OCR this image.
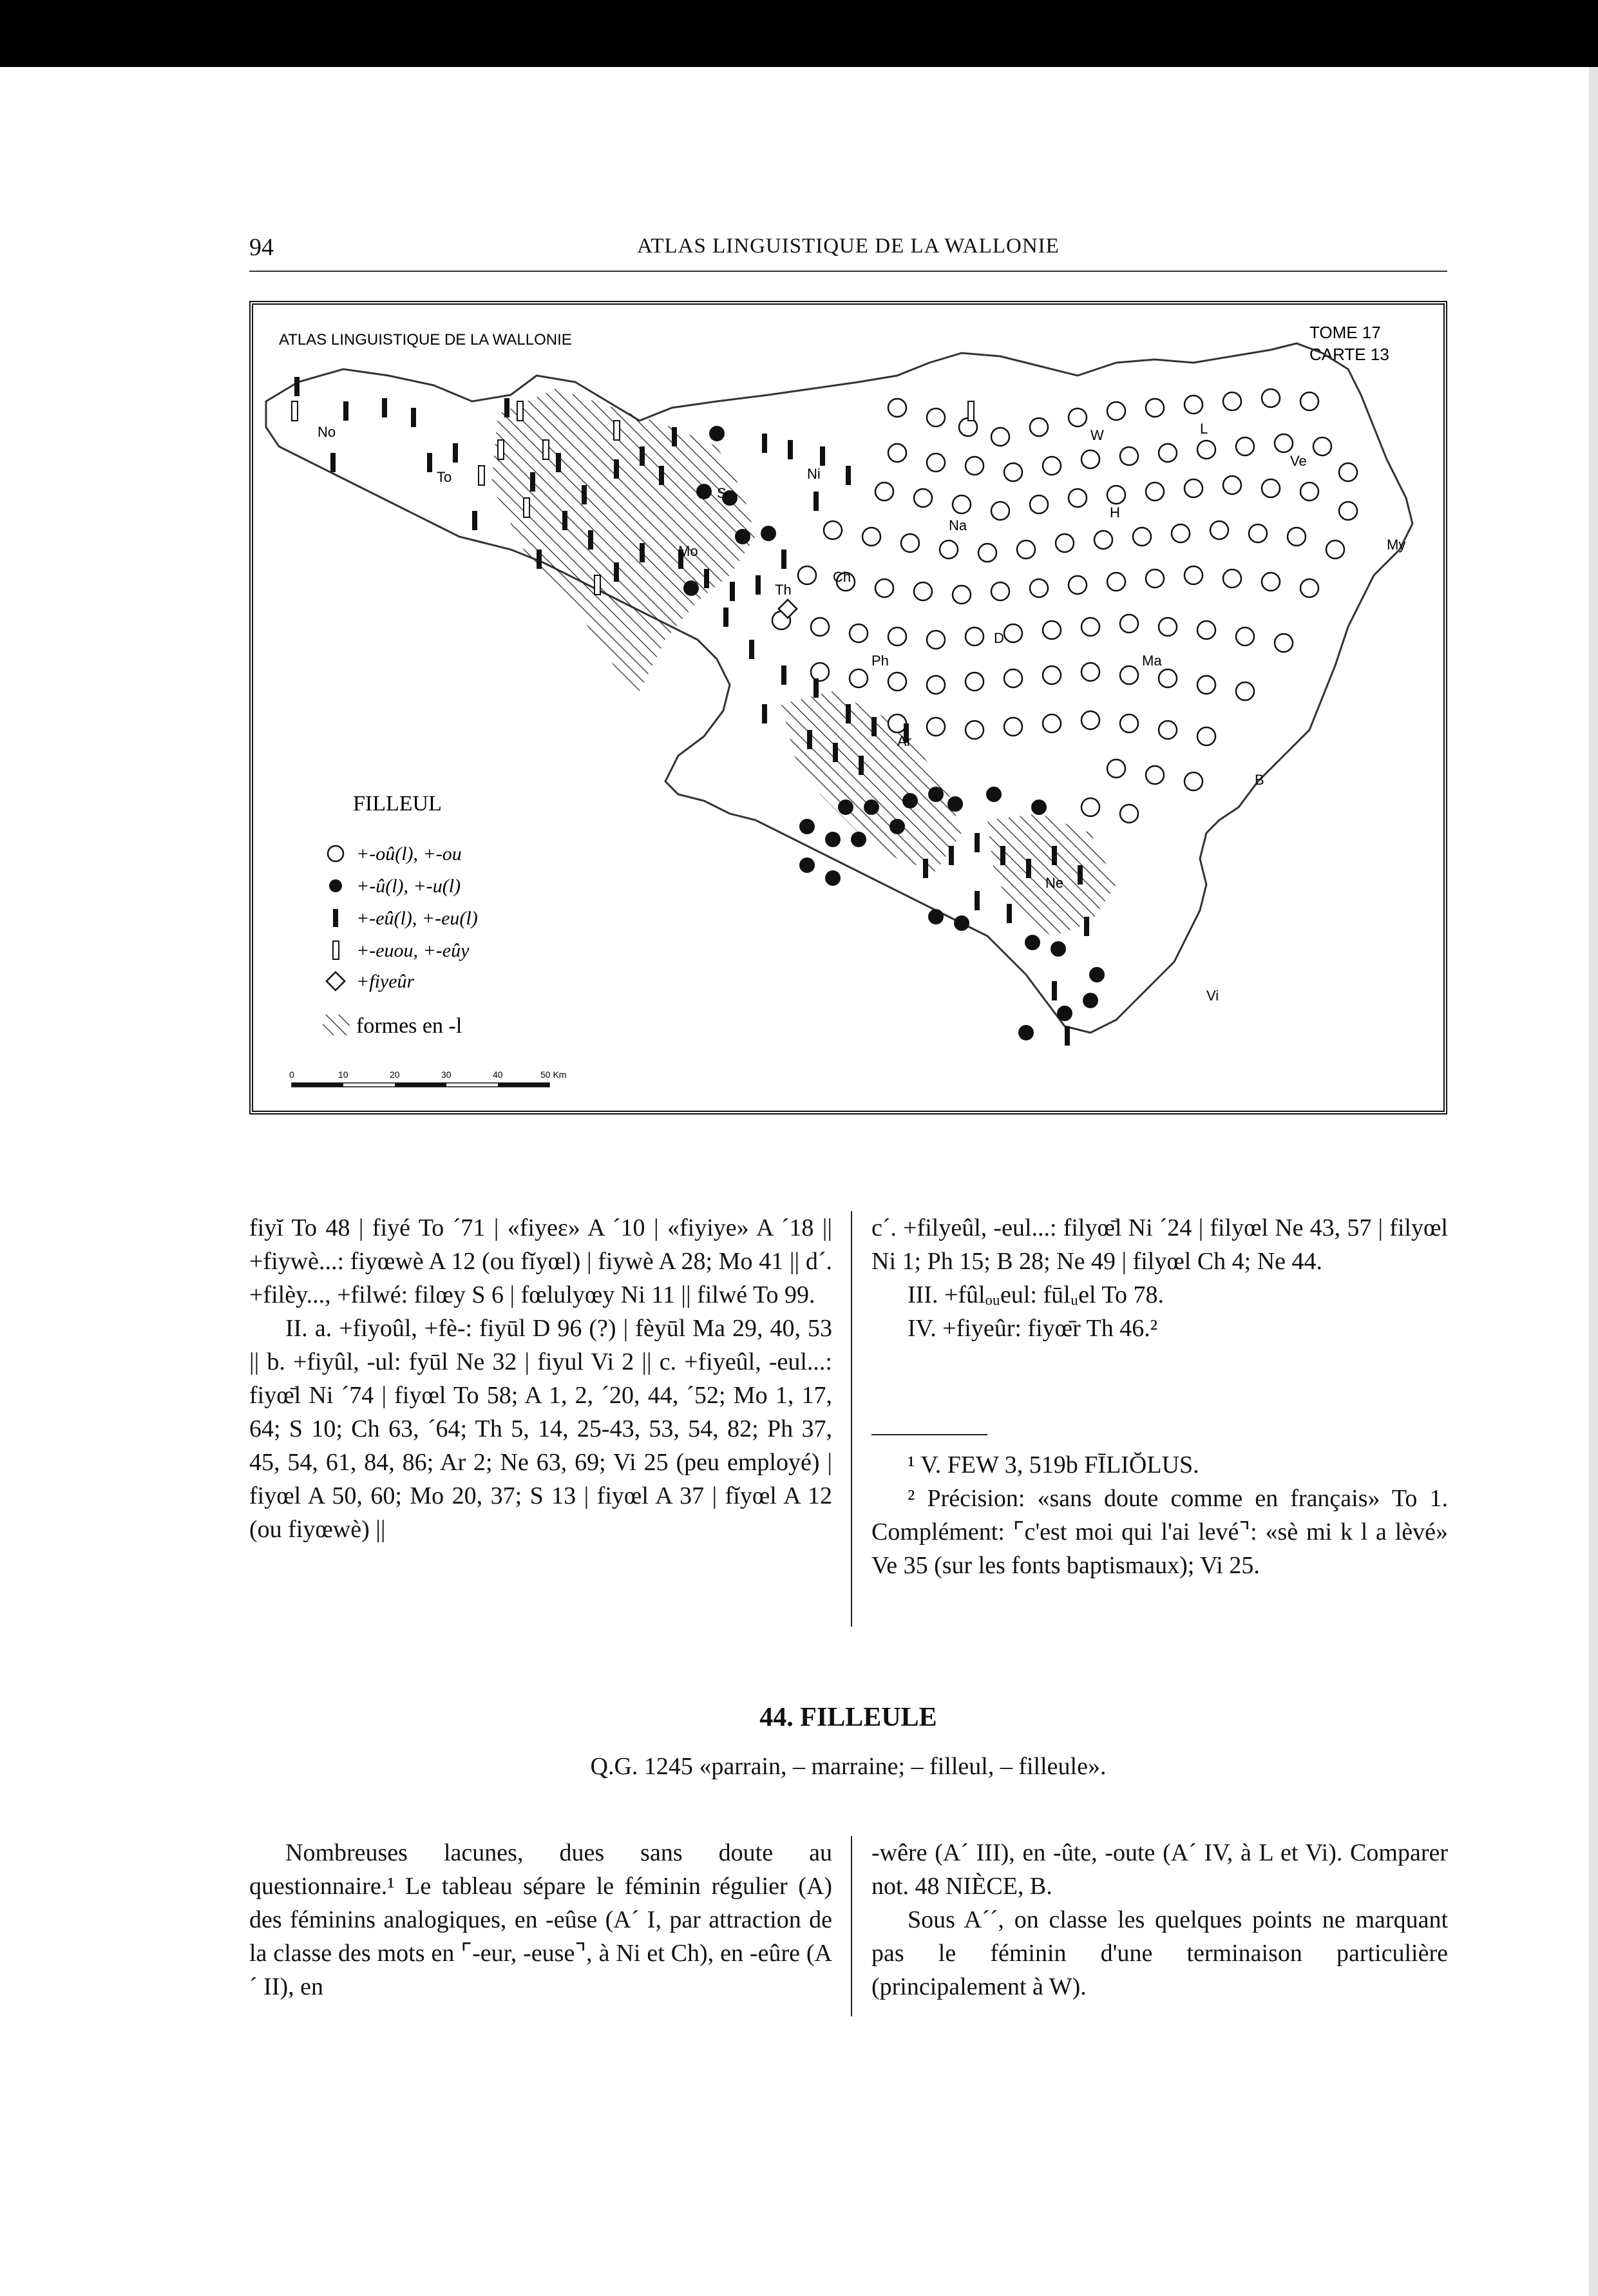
94	ATLAS LINGUISTIQUE DE LA WALLONIE
ATLAS LINGUISTIQUE DE LA WALLONIE	TOME 17
CARTE 13
No
To
S
Mo
Ni
Ch
Th
Na
W
H
L
Ve
My
Ph
D
Ma
Ar
Ne
B
Vi
FILLEUL
+-oû(l), +-ou
+-û(l), +-u(l)
+-eû(l), +-eu(l)
+-euou, +-eûy
+fiyeûr
formes en -l
0	10	20	30	40	50 Km

fiyĭ To 48 | fiyé To ´71 | «fiyeɛ» A ´10 | «fiyiye» A ´18 || +fiywè...: fiyœwè A 12 (ou fĭyœl) | fiywè A 28; Mo 41 || d´. +filèy..., +filwé: filœy S 6 | fœlulyœy Ni 11 || filwé To 99.

II. a. +fiyoûl, +fè-: fiyūl D 96 (?) | fèyūl Ma 29, 40, 53 || b. +fiyûl, -ul: fyūl Ne 32 | fiyul Vi 2 || c. +fiyeûl, -eul...: fiyœ̄l Ni ´74 | fiyœl To 58; A 1, 2, ´20, 44, ´52; Mo 1, 17, 64; S 10; Ch 63, ´64; Th 5, 14, 25-43, 53, 54, 82; Ph 37, 45, 54, 61, 84, 86; Ar 2; Ne 63, 69; Vi 25 (peu employé) | fiyœl A 50, 60; Mo 20, 37; S 13 | fiyœl A 37 | fĭyœl A 12 (ou fiyœwè) ||

c´. +filyeûl, -eul...: filyœ̄l Ni ´24 | filyœl Ne 43, 57 | filyœl Ni 1; Ph 15; B 28; Ne 49 | filyœl Ch 4; Ne 44.

III. +fûlₒᵤeul: fūlᵤel To 78.

IV. +fiyeûr: fiyœ̄r Th 46.²

¹ V. FEW 3, 519b FĪLIŎLUS.

² Précision: «sans doute comme en français» To 1. Complément: ⌜c'est moi qui l'ai levé⌝: «sè mi k l a lèvé» Ve 35 (sur les fonts baptismaux); Vi 25.

44. FILLEULE
Q.G. 1245 «parrain, – marraine; – filleul, – filleule».

Nombreuses lacunes, dues sans doute au questionnaire.¹ Le tableau sépare le féminin régulier (A) des féminins analogiques, en -eûse (A´ I, par attraction de la classe des mots en ⌜-eur, -euse⌝, à Ni et Ch), en -eûre (A´ II), en

-wêre (A´ III), en -ûte, -oute (A´ IV, à L et Vi). Comparer not. 48 NIÈCE, B.

Sous A´´, on classe les quelques points ne marquant pas le féminin d'une terminaison particulière (principalement à W).
